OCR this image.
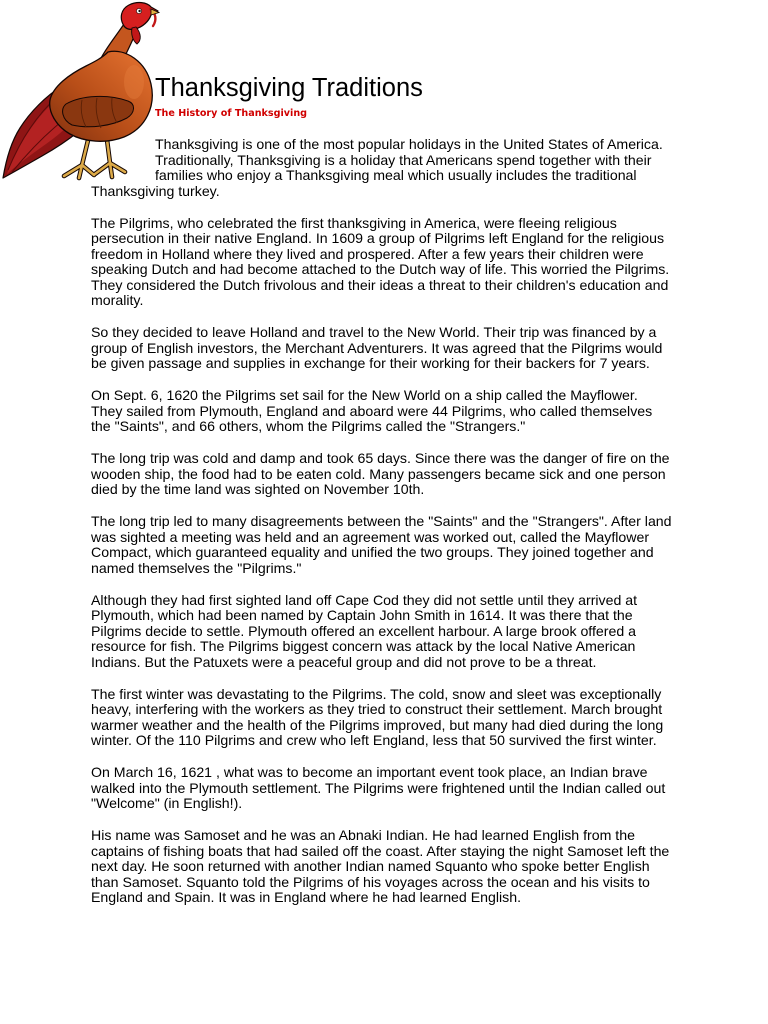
Thanksgiving Traditions
The History of Thanksgiving

Thanksgiving is one of the most popular holidays in the United States of America.
Traditionally, Thanksgiving is a holiday that Americans spend together with their
families who enjoy a Thanksgiving meal which usually includes the traditional
Thanksgiving turkey.

The Pilgrims, who celebrated the first thanksgiving in America, were fleeing religious
persecution in their native England. In 1609 a group of Pilgrims left England for the religious
freedom in Holland where they lived and prospered. After a few years their children were
speaking Dutch and had become attached to the Dutch way of life. This worried the Pilgrims.
They considered the Dutch frivolous and their ideas a threat to their children's education and
morality.

So they decided to leave Holland and travel to the New World. Their trip was financed by a
group of English investors, the Merchant Adventurers. It was agreed that the Pilgrims would
be given passage and supplies in exchange for their working for their backers for 7 years.

On Sept. 6, 1620 the Pilgrims set sail for the New World on a ship called the Mayflower.
They sailed from Plymouth, England and aboard were 44 Pilgrims, who called themselves
the "Saints", and 66 others, whom the Pilgrims called the "Strangers."

The long trip was cold and damp and took 65 days. Since there was the danger of fire on the
wooden ship, the food had to be eaten cold. Many passengers became sick and one person
died by the time land was sighted on November 10th.

The long trip led to many disagreements between the "Saints" and the "Strangers". After land
was sighted a meeting was held and an agreement was worked out, called the Mayflower
Compact, which guaranteed equality and unified the two groups. They joined together and
named themselves the "Pilgrims."

Although they had first sighted land off Cape Cod they did not settle until they arrived at
Plymouth, which had been named by Captain John Smith in 1614. It was there that the
Pilgrims decide to settle. Plymouth offered an excellent harbour. A large brook offered a
resource for fish. The Pilgrims biggest concern was attack by the local Native American
Indians. But the Patuxets were a peaceful group and did not prove to be a threat.

The first winter was devastating to the Pilgrims. The cold, snow and sleet was exceptionally
heavy, interfering with the workers as they tried to construct their settlement. March brought
warmer weather and the health of the Pilgrims improved, but many had died during the long
winter. Of the 110 Pilgrims and crew who left England, less that 50 survived the first winter.

On March 16, 1621 , what was to become an important event took place, an Indian brave
walked into the Plymouth settlement. The Pilgrims were frightened until the Indian called out
"Welcome" (in English!).

His name was Samoset and he was an Abnaki Indian. He had learned English from the
captains of fishing boats that had sailed off the coast. After staying the night Samoset left the
next day. He soon returned with another Indian named Squanto who spoke better English
than Samoset. Squanto told the Pilgrims of his voyages across the ocean and his visits to
England and Spain. It was in England where he had learned English.
